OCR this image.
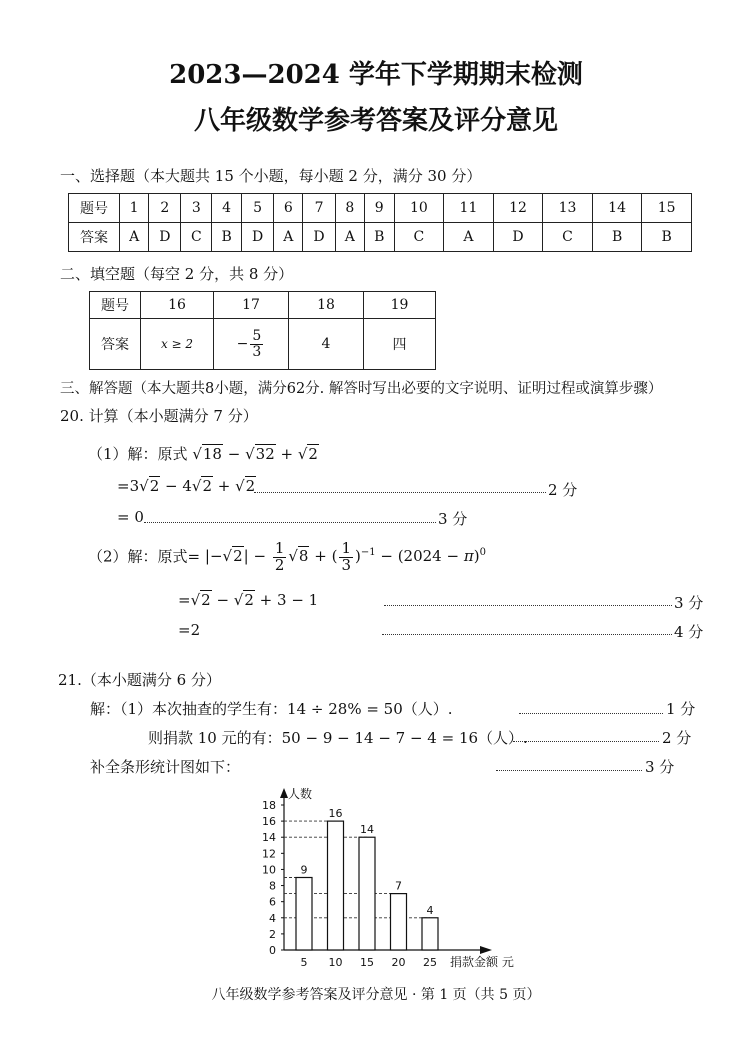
2023—2024 学年下学期期末检测
八年级数学参考答案及评分意见
一、选择题（本大题共 15 个小题，每小题 2 分，满分 30 分）
题号	1	2	3	4	5	6	7	8	9	10	11	12	13	14	15
答案	A	D	C	B	D	A	D	A	B	C	A	D	C	B	B
二、填空题（每空 2 分，共 8 分）
题号	16	17	18	19
答案	x ≥ 2	− $\frac{5}{3}$	4	四
三、解答题（本大题共8小题，满分62分. 解答时写出必要的文字说明、证明过程或演算步骤）
20. 计算（本小题满分 7 分）
（1）解：原式 √18 − √32 + √2
=3√2 − 4√2 + √2	2 分
= 0	3 分
（2）解：原式= $|-√2| - \frac{1}{2} √8$ + ( $\frac{1}{3} )^{-1} - (2024 - \pi)^0$
=√2 − √2 + 3 − 1	3 分
=2	4 分
21.（本小题满分 6 分）
解：（1）本次抽查的学生有：14 ÷ 28% = 50（人）.	1 分
则捐款 10 元的有：50 − 9 − 14 − 7 − 4 = 16（人）.	2 分
补全条形统计图如下：	3 分
人数
捐款金额 元
0
2
4
6
8
10
12
14
16
18
9
5
16
10
14
15
7
20
4
25
八年级数学参考答案及评分意见 · 第 1 页（共 5 页）
